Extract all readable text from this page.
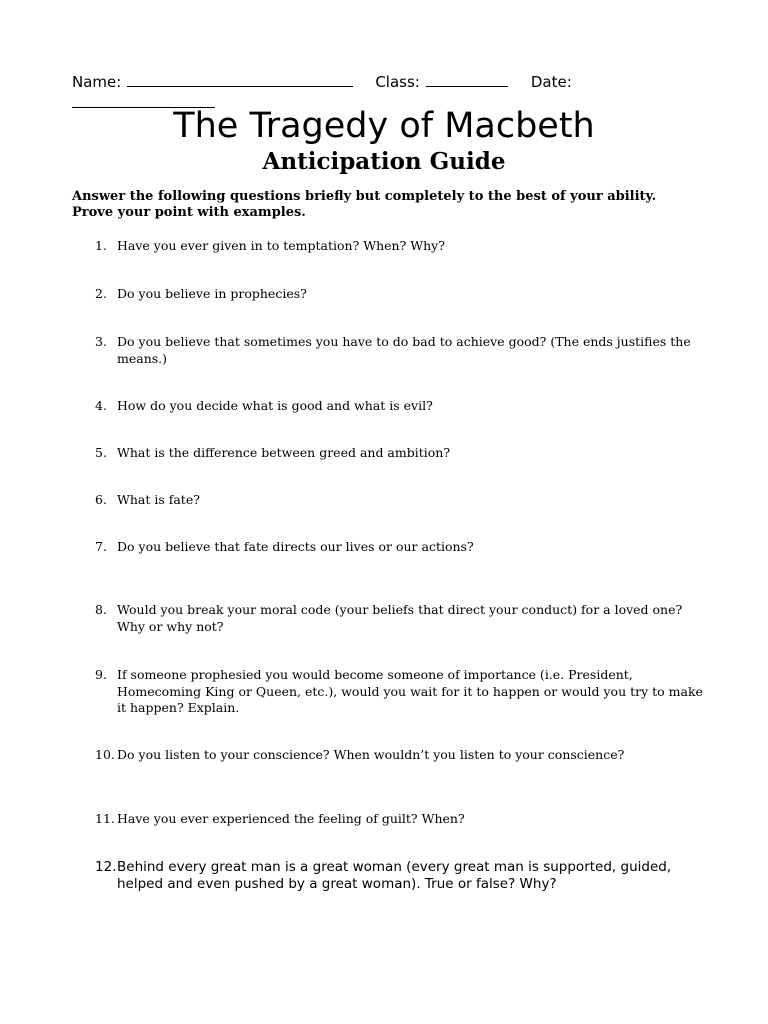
Name:	Class:	Date:

The Tragedy of Macbeth
Anticipation Guide
Answer the following questions briefly but completely to the best of your ability. Prove your point with examples.
1. Have you ever given in to temptation? When? Why?
2. Do you believe in prophecies?
3. Do you believe that sometimes you have to do bad to achieve good? (The ends justifies the means.)
4. How do you decide what is good and what is evil?
5. What is the difference between greed and ambition?
6. What is fate?
7. Do you believe that fate directs our lives or our actions?
8. Would you break your moral code (your beliefs that direct your conduct) for a loved one? Why or why not?
9. If someone prophesied you would become someone of importance (i.e. President, Homecoming King or Queen, etc.), would you wait for it to happen or would you try to make it happen? Explain.
10. Do you listen to your conscience? When wouldn’t you listen to your conscience?
11. Have you ever experienced the feeling of guilt? When?
12. Behind every great man is a great woman (every great man is supported, guided, helped and even pushed by a great woman). True or false? Why?
